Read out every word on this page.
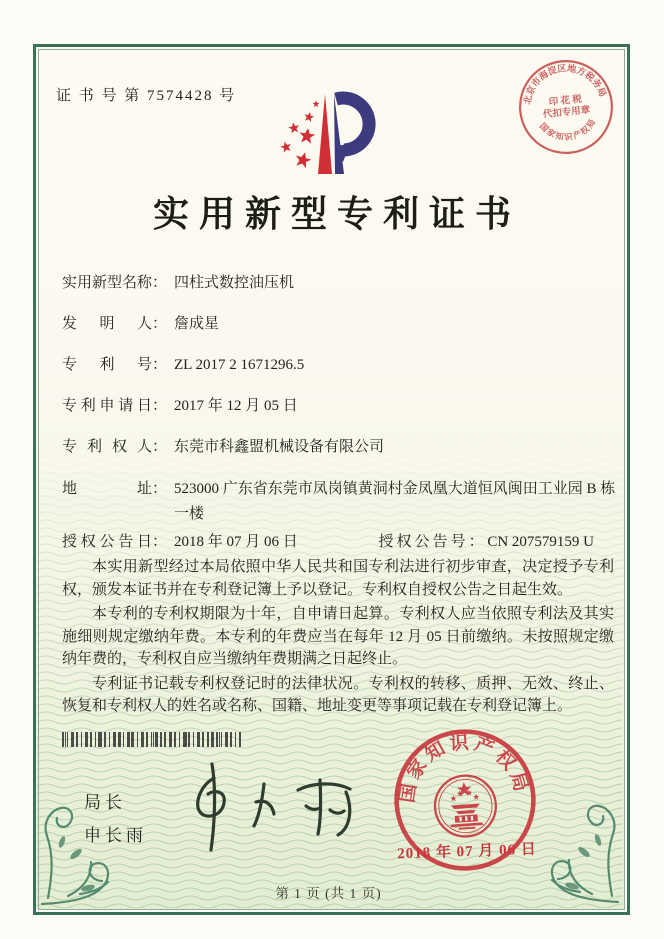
证 书 号 第 7574428 号	北京市海淀区地方税务局
国家知识产权局
印 花 税
代扣专用章
实用新型专利证书
实用新型名称 ： 四柱式数控油压机
发明人 ： 詹成星
专利号 ： ZL 2017 2 1671296.5
专利申请日 ： 2017 年 12 月 05 日
专利权人 ： 东莞市科鑫盟机械设备有限公司
地址 ： 523000 广东省东莞市凤岗镇黄洞村金凤凰大道恒风闽田工业园 B 栋一楼
授权公告日 ： 2018 年 07 月 06 日	授权公告号： CN 207579159 U

本实用新型经过本局依照中华人民共和国专利法进行初步审查，决定授予专利权，颁发本证书并在专利登记簿上予以登记。专利权自授权公告之日起生效。

本专利的专利权期限为十年，自申请日起算。专利权人应当依照专利法及其实施细则规定缴纳年费。本专利的年费应当在每年 12 月 05 日前缴纳。未按照规定缴纳年费的，专利权自应当缴纳年费期满之日起终止。

专利证书记载专利权登记时的法律状况。专利权的转移、质押、无效、终止、恢复和专利权人的姓名或名称、国籍、地址变更等事项记载在专利登记簿上。

局长
申长雨
国家知识产权局
2018 年 07 月 06 日
第 1 页 (共 1 页)
